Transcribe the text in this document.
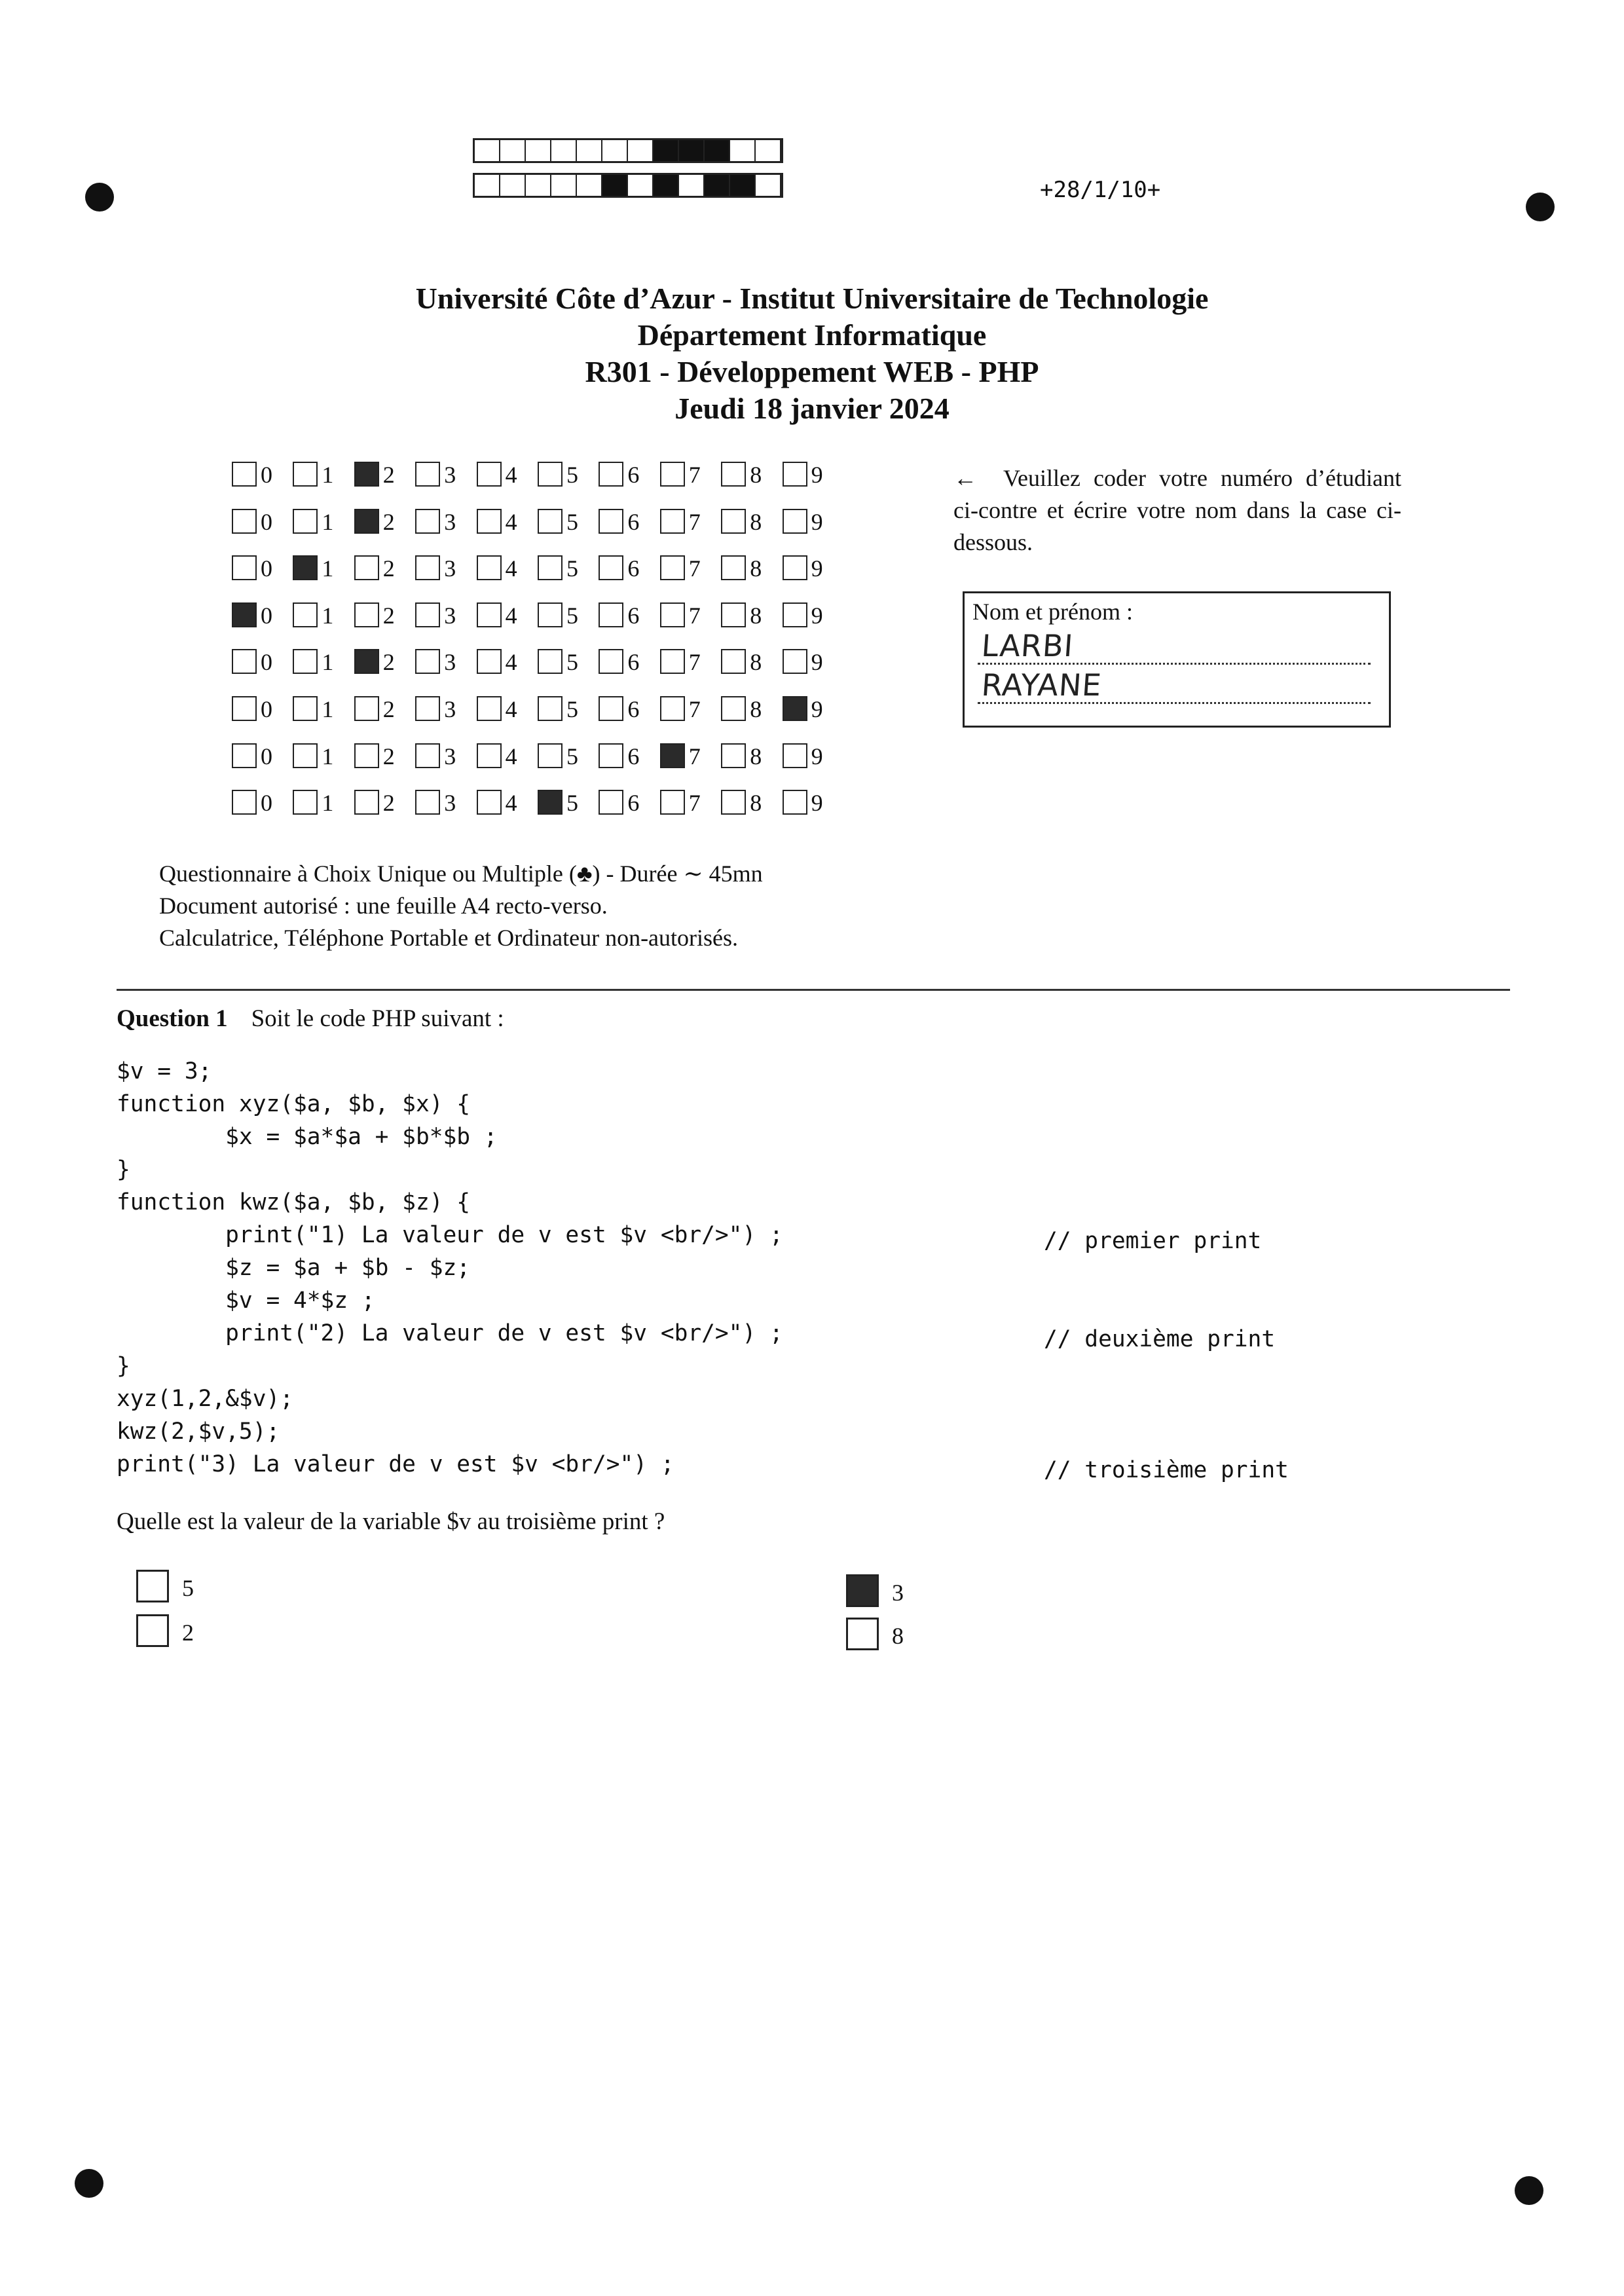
+28/1/10+
Université Côte d’Azur - Institut Universitaire de Technologie
Département Informatique
R301 - Développement WEB - PHP
Jeudi 18 janvier 2024
0 1 2 3 4 5 6 7 8 9
0 1 2 3 4 5 6 7 8 9
0 1 2 3 4 5 6 7 8 9
0 1 2 3 4 5 6 7 8 9
0 1 2 3 4 5 6 7 8 9
0 1 2 3 4 5 6 7 8 9
0 1 2 3 4 5 6 7 8 9
0 1 2 3 4 5 6 7 8 9
← Veuillez coder votre numéro d’étudiant ci-contre et écrire votre nom dans la case ci-dessous.
Nom et prénom :
LARBI
RAYANE
Questionnaire à Choix Unique ou Multiple (♣) - Durée ∼ 45mn
Document autorisé : une feuille A4 recto-verso.
Calculatrice, Téléphone Portable et Ordinateur non-autorisés.
Question 1 Soit le code PHP suivant :
$v = 3;
function xyz($a, $b, $x) {
$x = $a*$a + $b*$b ;
}
function kwz($a, $b, $z) {
print("1) La valeur de v est $v <br/>") ;
$z = $a + $b - $z;
$v = 4*$z ;
print("2) La valeur de v est $v <br/>") ;
}
xyz(1,2,&$v);
kwz(2,$v,5);
print("3) La valeur de v est $v <br/>") ;
// premier print
// deuxième print
// troisième print
Quelle est la valeur de la variable $v au troisième print ?
5
2
3
8
